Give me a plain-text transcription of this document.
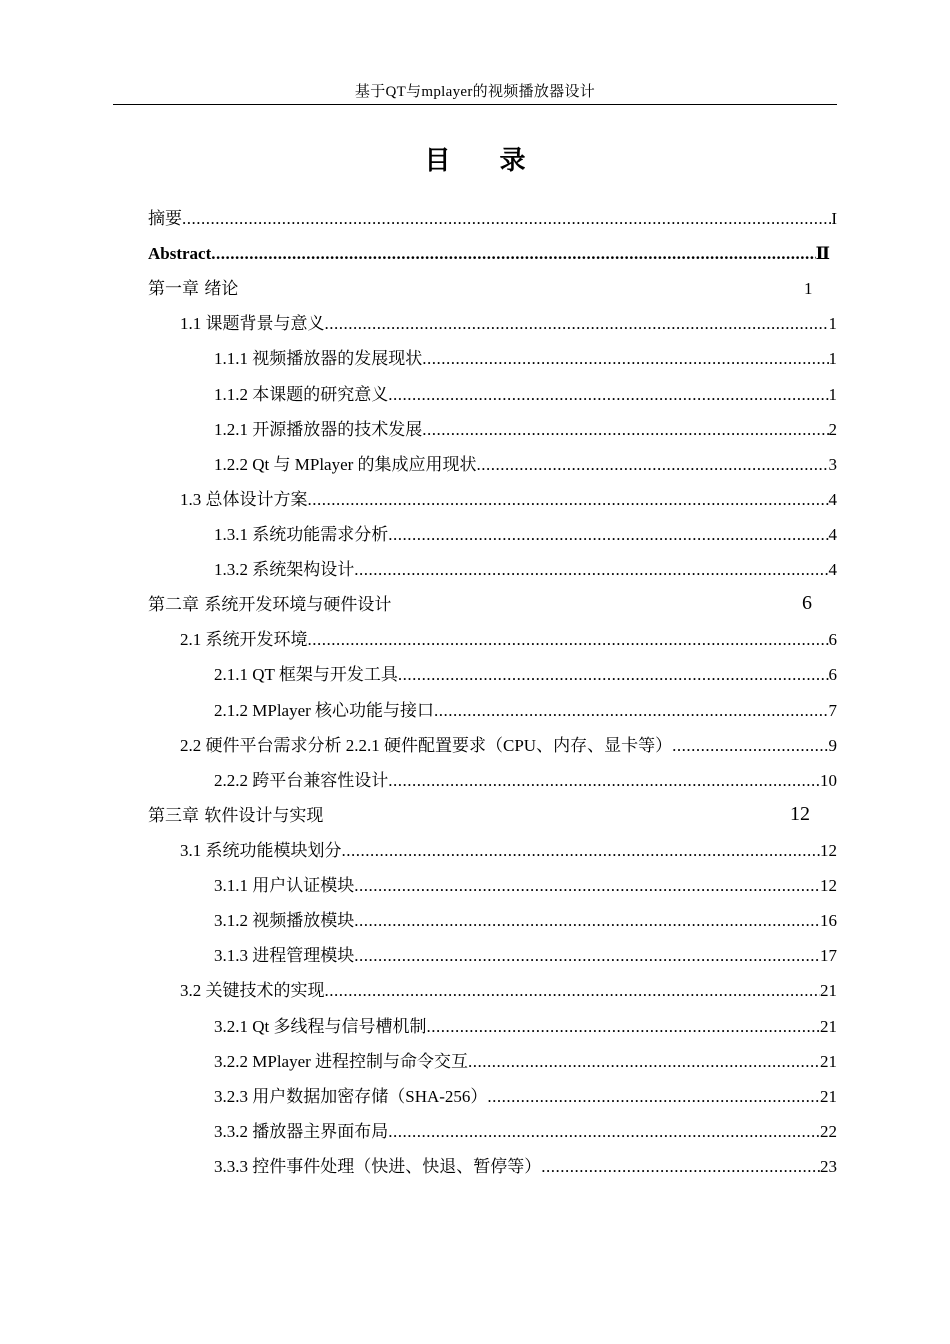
基于QT与mplayer的视频播放器设计
目 录
摘要 .....	I
Abstract .....	Ⅱ
第一章 绪论	1
1.1 课题背景与意义 .....	1
1.1.1 视频播放器的发展现状 .....	1
1.1.2 本课题的研究意义 .....	1
1.2.1 开源播放器的技术发展 .....	2
1.2.2 Qt 与 MPlayer 的集成应用现状 .....	3
1.3 总体设计方案 .....	4
1.3.1 系统功能需求分析 .....	4
1.3.2 系统架构设计 .....	4
第二章 系统开发环境与硬件设计	6
2.1 系统开发环境 .....	6
2.1.1 QT 框架与开发工具 .....	6
2.1.2 MPlayer 核心功能与接口 .....	7
2.2 硬件平台需求分析 2.2.1 硬件配置要求（CPU、内存、显卡等） .....	9
2.2.2 跨平台兼容性设计 .....	10
第三章 软件设计与实现	12
3.1 系统功能模块划分 .....	12
3.1.1 用户认证模块 .....	12
3.1.2 视频播放模块 .....	16
3.1.3 进程管理模块 .....	17
3.2 关键技术的实现 .....	21
3.2.1 Qt 多线程与信号槽机制 .....	21
3.2.2 MPlayer 进程控制与命令交互 .....	21
3.2.3 用户数据加密存储（SHA-256） .....	21
3.3.2 播放器主界面布局 .....	22
3.3.3 控件事件处理（快进、快退、暂停等） .....	23
